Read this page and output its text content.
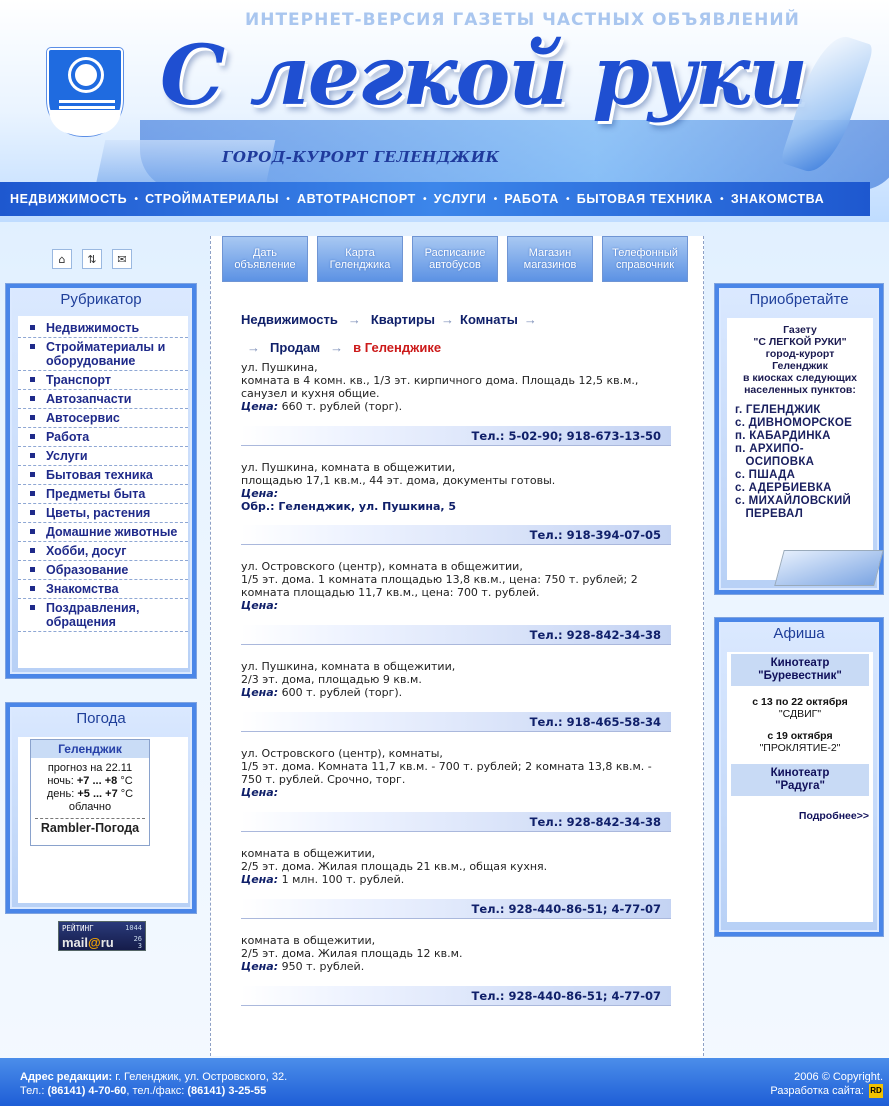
ИНТЕРНЕТ-ВЕРСИЯ ГАЗЕТЫ ЧАСТНЫХ ОБЪЯВЛЕНИЙ
С легкой руки
ГОРОД-КУРОРТ ГЕЛЕНДЖИК
НЕДВИЖИМОСТЬ • СТРОЙМАТЕРИАЛЫ • АВТОТРАНСПОРТ • УСЛУГИ • РАБОТА • БЫТОВАЯ ТЕХНИКА • ЗНАКОМСТВА
⌂	⇅	✉
Рубрикатор
Недвижимость
Стройматериалы и оборудование
Транспорт
Автозапчасти
Автосервис
Работа
Услуги
Бытовая техника
Предметы быта
Цветы, растения
Домашние животные
Хобби, досуг
Образование
Знакомства
Поздравления, обращения
Погода
Геленджик
прогноз на 22.11
ночь: +7 ... +8 °C
день: +5 ... +7 °C
облачно
Rambler-Погода
РЕЙТИНГ	1044
mail@ru	26
3
Дать
объявление
Карта
Геленджика
Расписание
автобусов
Магазин
магазинов
Телефонный
справочник
Недвижимость → Квартиры → Комнаты →
→ Продам → в Геленджике
ул. Пушкина,
комната в 4 комн. кв., 1/3 эт. кирпичного дома. Площадь 12,5 кв.м., санузел и кухня общие.
Цена: 660 т. рублей (торг).
Тел.: 5-02-90; 918-673-13-50
ул. Пушкина, комната в общежитии,
площадью 17,1 кв.м., 44 эт. дома, документы готовы.
Цена:
Обр.: Геленджик, ул. Пушкина, 5
Тел.: 918-394-07-05
ул. Островского (центр), комната в общежитии,
1/5 эт. дома. 1 комната площадью 13,8 кв.м., цена: 750 т. рублей; 2 комната площадью 11,7 кв.м., цена: 700 т. рублей.
Цена:
Тел.: 928-842-34-38
ул. Пушкина, комната в общежитии,
2/3 эт. дома, площадью 9 кв.м.
Цена: 600 т. рублей (торг).
Тел.: 918-465-58-34
ул. Островского (центр), комнаты,
1/5 эт. дома. Комната 11,7 кв.м. - 700 т. рублей; 2 комната 13,8 кв.м. - 750 т. рублей. Срочно, торг.
Цена:
Тел.: 928-842-34-38
комната в общежитии,
2/5 эт. дома. Жилая площадь 21 кв.м., общая кухня.
Цена: 1 млн. 100 т. рублей.
Тел.: 928-440-86-51; 4-77-07
комната в общежитии,
2/5 эт. дома. Жилая площадь 12 кв.м.
Цена: 950 т. рублей.
Тел.: 928-440-86-51; 4-77-07
Приобретайте
Газету
"С ЛЕГКОЙ РУКИ"
город-курорт
Геленджик
в киосках следующих
населенных пунктов:
г. ГЕЛЕНДЖИК
с. ДИВНОМОРСКОЕ
п. КАБАРДИНКА
п. АРХИПО-
ОСИПОВКА
с. ПШАДА
с. АДЕРБИЕВКА
с. МИХАЙЛОВСКИЙ
ПЕРЕВАЛ
Афиша
Кинотеатр
"Буревестник"
с 13 по 22 октября
"СДВИГ"
с 19 октября
"ПРОКЛЯТИЕ-2"
Кинотеатр
"Радуга"
Подробнее>>
Адрес редакции: г. Геленджик, ул. Островского, 32.
Тел.: (86141) 4-70-60, тел./факс: (86141) 3-25-55
2006 © Copyright.
Разработка сайта: RD
